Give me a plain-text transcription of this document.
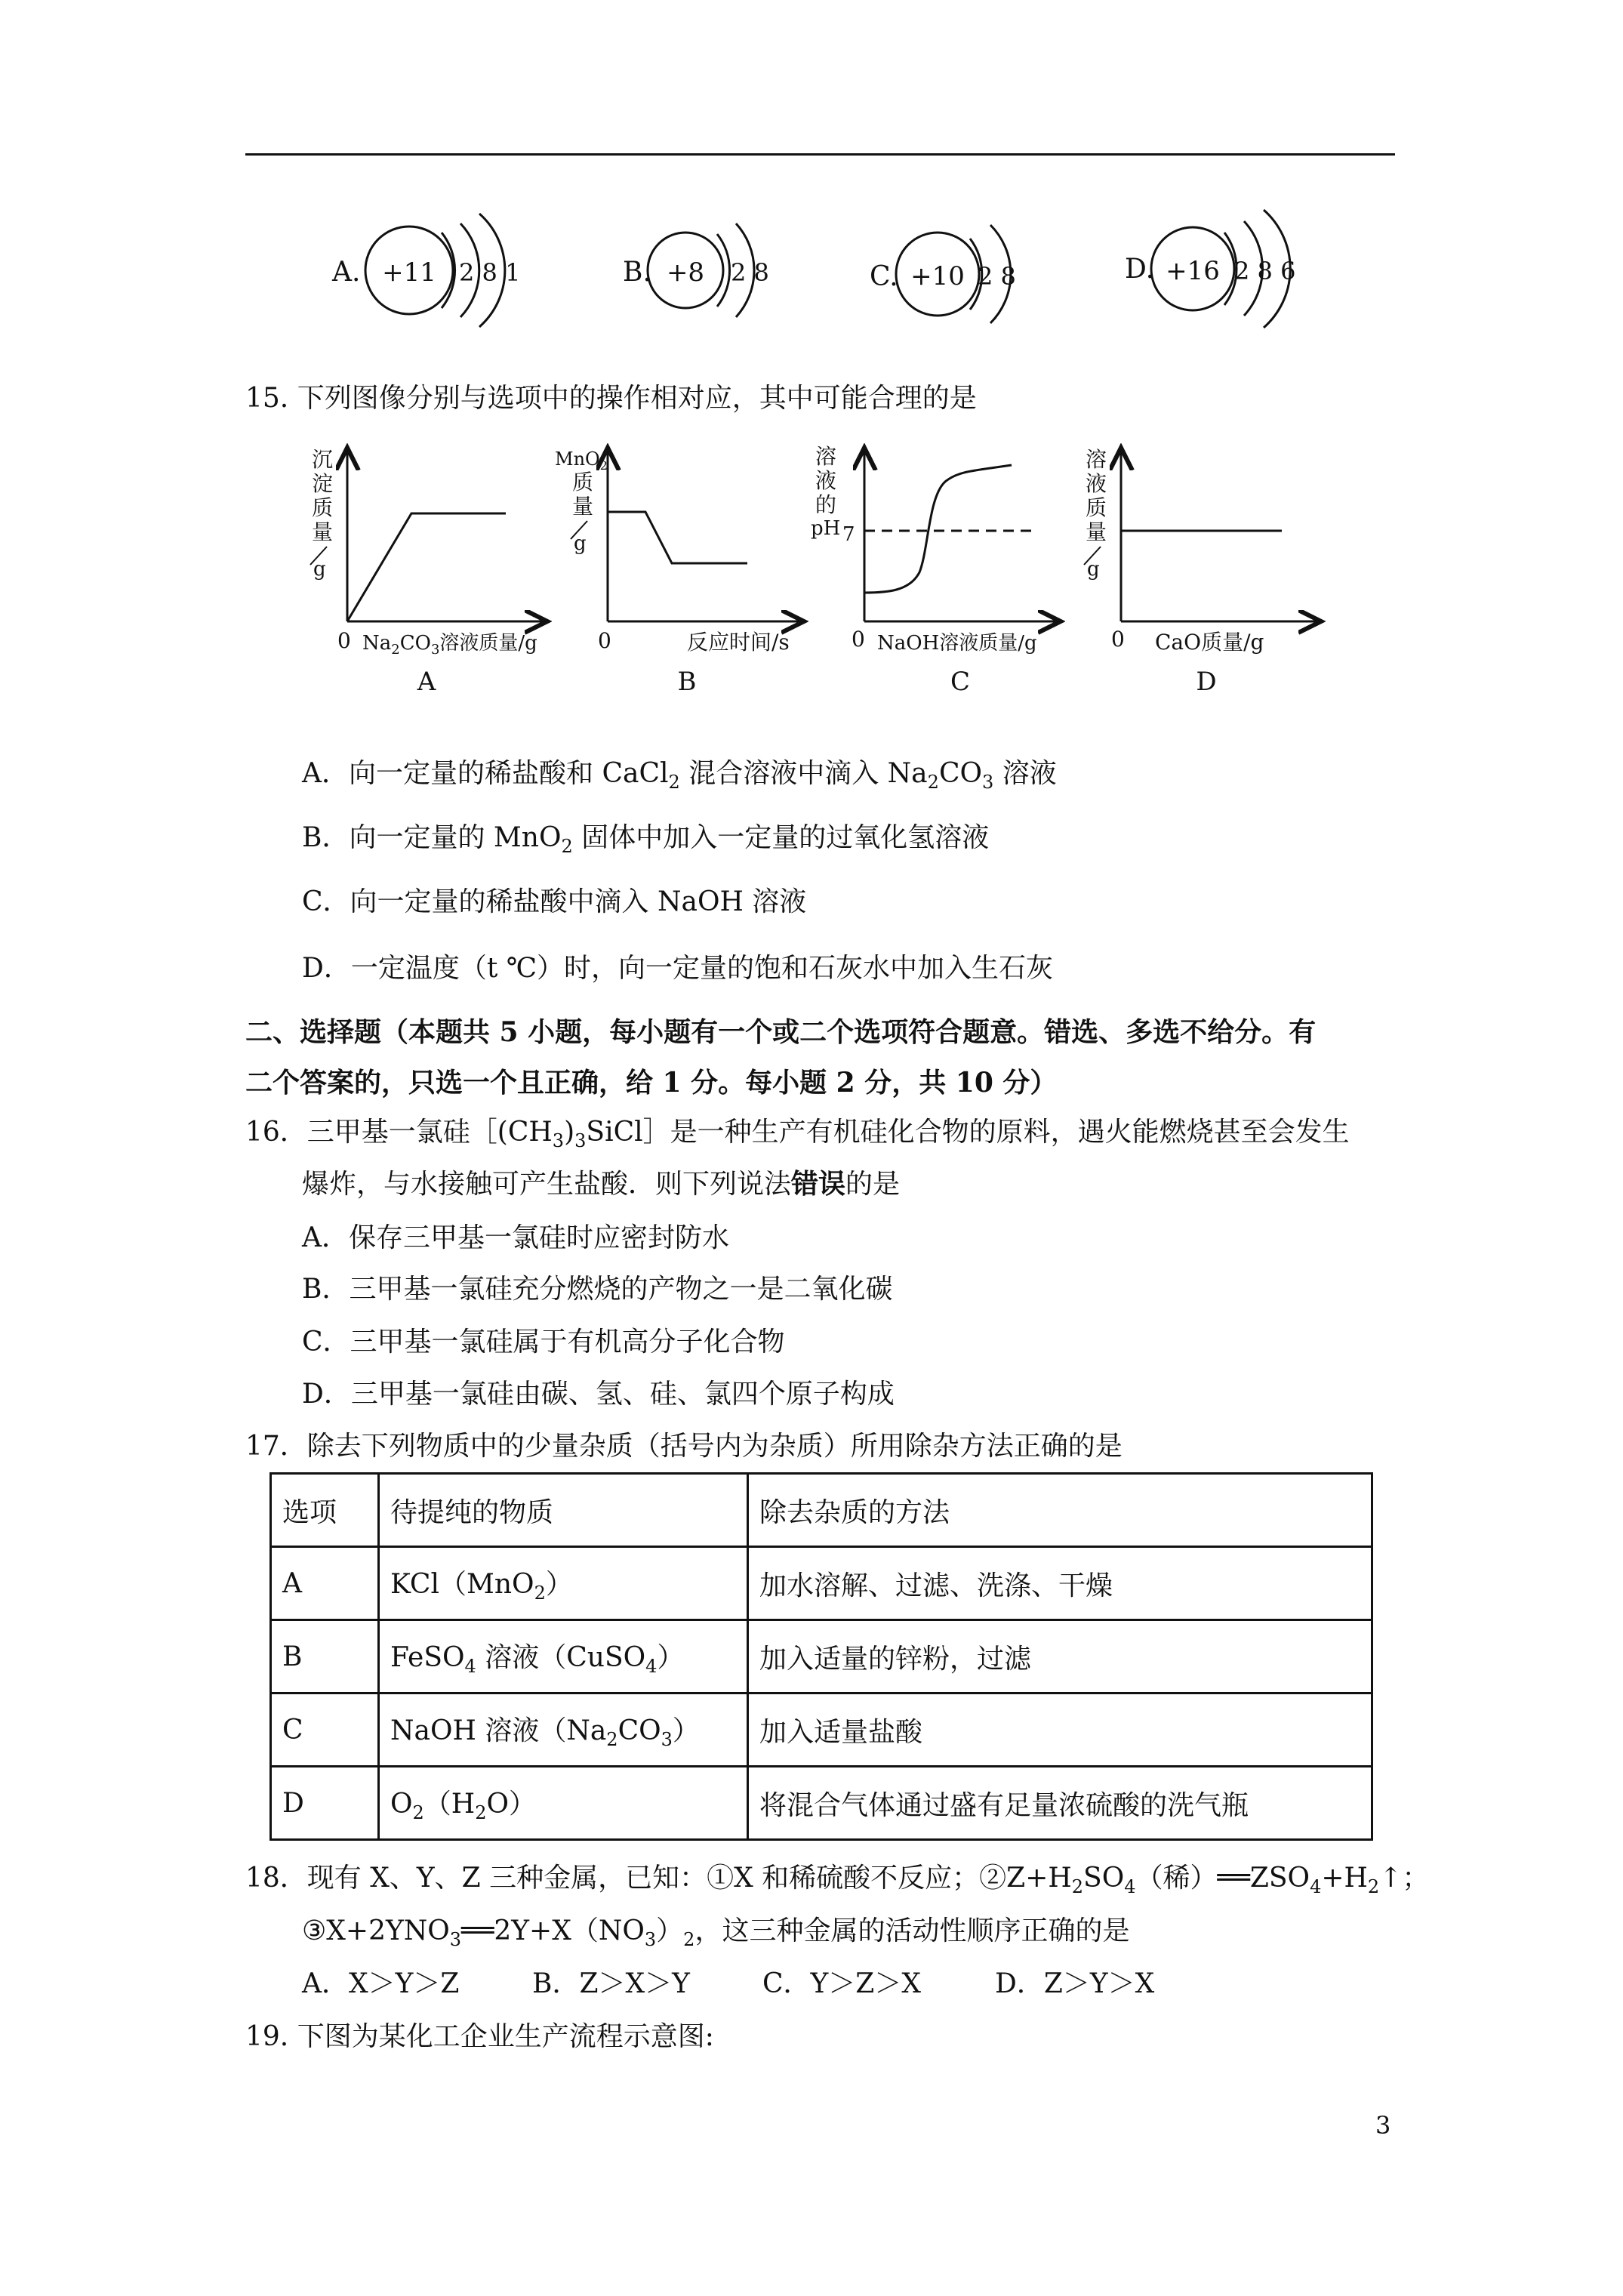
A. +11 2 8 1	B. +8 2 8	C. +10 2 8	D. +16 2 8 6
15. 下列图像分别与选项中的操作相对应，其中可能合理的是
沉
淀
质
量
g
0 $Na_2CO_3$溶液质量/g
A
MnO$_2$
质
量
g
0	反应时间/s
B
溶
液
的
pH 7
0 NaOH溶液质量/g
C
溶
液
质
量
g
0 CaO质量/g
D
A．向一定量的稀盐酸和 CaCl$_2$ 混合溶液中滴入 $Na_2CO_3$ 溶液
B．向一定量的 MnO$_2$ 固体中加入一定量的过氧化氢溶液
C．向一定量的稀盐酸中滴入 NaOH 溶液
D．一定温度（t ℃）时，向一定量的饱和石灰水中加入生石灰
二、选择题（本题共 5 小题，每小题有一个或二个选项符合题意。错选、多选不给分。有
二个答案的，只选一个且正确，给 1 分。每小题 2 分，共 10 分）
16．三甲基一氯硅$[(CH_3)_3SiCl]$是一种生产有机硅化合物的原料，遇火能燃烧甚至会发生
爆炸，与水接触可产生盐酸．则下列说法错误的是
A．保存三甲基一氯硅时应密封防水
B．三甲基一氯硅充分燃烧的产物之一是二氧化碳
C．三甲基一氯硅属于有机高分子化合物
D．三甲基一氯硅由碳、氢、硅、氯四个原子构成
17．除去下列物质中的少量杂质（括号内为杂质）所用除杂方法正确的是
选项	待提纯的物质	除去杂质的方法
A	KCl（MnO$_2$）	加水溶解、过滤、洗涤、干燥
B	FeSO$_4$ 溶液（CuSO$_4$）	加入适量的锌粉，过滤
C	NaOH 溶液$(Na_2CO_3)$	加入适量盐酸
D	$O_2(H_2O)$	将混合气体通过盛有足量浓硫酸的洗气瓶
18．现有 X、Y、Z 三种金属，已知：①X 和稀硫酸不反应；$②Z+H_2SO_4$（稀）$══ZSO_4+H_2↑$；
$③X+2YNO_3══2Y+X(NO_3)_2$，这三种金属的活动性顺序正确的是
A．X＞Y＞Z	B．Z＞X＞Y	C．Y＞Z＞X	D．Z＞Y＞X
19. 下图为某化工企业生产流程示意图:
3
